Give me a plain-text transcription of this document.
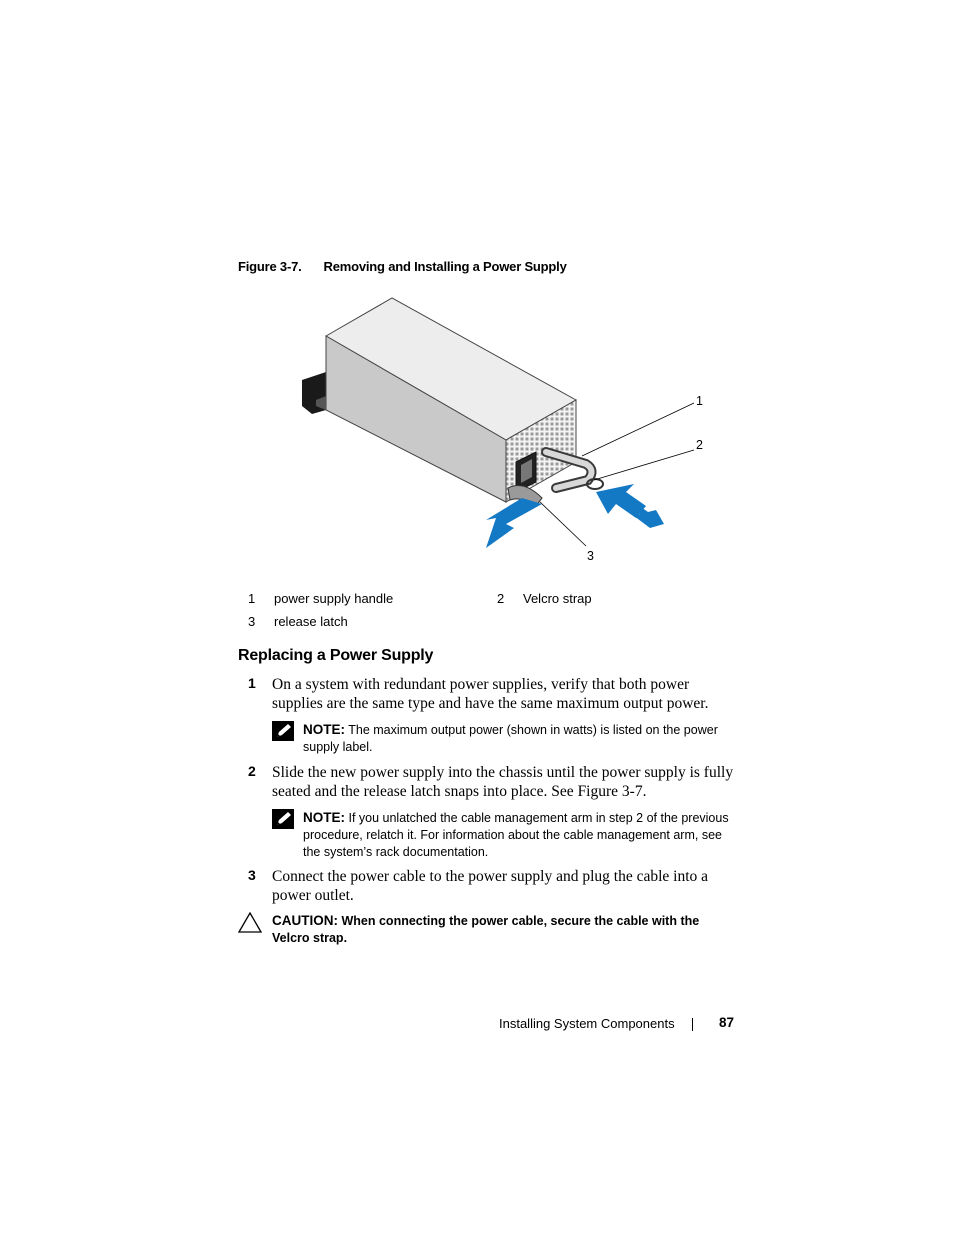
Figure 3-7. Removing and Installing a Power Supply
1
2
3
1 power supply handle	2 Velcro strap
3 release latch
Replacing a Power Supply
1 On a system with redundant power supplies, verify that both power supplies are the same type and have the same maximum output power.
NOTE: The maximum output power (shown in watts) is listed on the power supply label.
2 Slide the new power supply into the chassis until the power supply is fully seated and the release latch snaps into place. See Figure 3-7.
NOTE: If you unlatched the cable management arm in step 2 of the previous procedure, relatch it. For information about the cable management arm, see the system’s rack documentation.
3 Connect the power cable to the power supply and plug the cable into a power outlet.
CAUTION: When connecting the power cable, secure the cable with the Velcro strap.
Installing System Components	87
